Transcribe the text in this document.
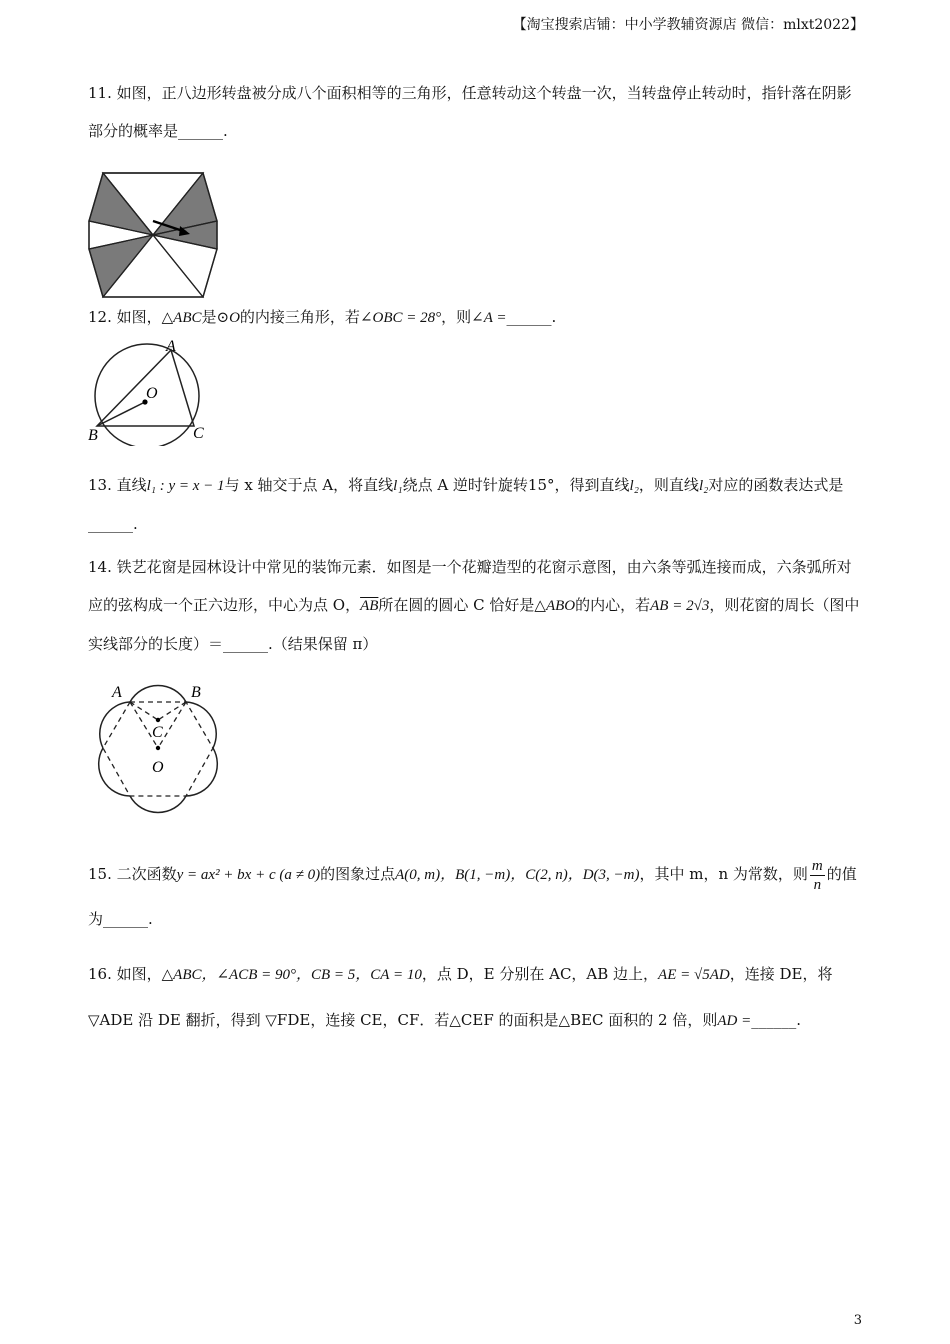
【淘宝搜索店铺：中小学教辅资源店 微信：mlxt2022】
11. 如图，正八边形转盘被分成八个面积相等的三角形，任意转动这个转盘一次，当转盘停止转动时，指针落在阴影部分的概率是______.
12. 如图，△ABC是⊙O的内接三角形，若∠OBC = 28°，则∠A =______.
A
O
B	C
13. 直线l₁ : y = x − 1与 x 轴交于点 A，将直线l₁绕点 A 逆时针旋转15°，得到直线l₂，则直线l₂对应的函数表达式是______.
14. 铁艺花窗是园林设计中常见的装饰元素．如图是一个花瓣造型的花窗示意图，由六条等弧连接而成，六条弧所对应的弦构成一个正六边形，中心为点 O，$\overline{AB}$所在圆的圆心 C 恰好是△ABO的内心，若AB = 2√3，则花窗的周长（图中实线部分的长度）＝______.（结果保留 π）
A	B
C
O
15. 二次函数y = ax² + bx + c (a ≠ 0)的图象过点A(0, m)，B(1, −m)，C(2, n)，D(3, −m)，其中 m，n 为常数，则 $\frac{m}{n}$ 的值为______.
16. 如图，△ABC，∠ACB = 90°，CB = 5，CA = 10，点 D，E 分别在 AC，AB 边上，AE = √5AD，连接 DE，将 ▽ADE 沿 DE 翻折，得到 ▽FDE，连接 CE，CF．若△CEF 的面积是△BEC 面积的 2 倍，则AD =______.
3
